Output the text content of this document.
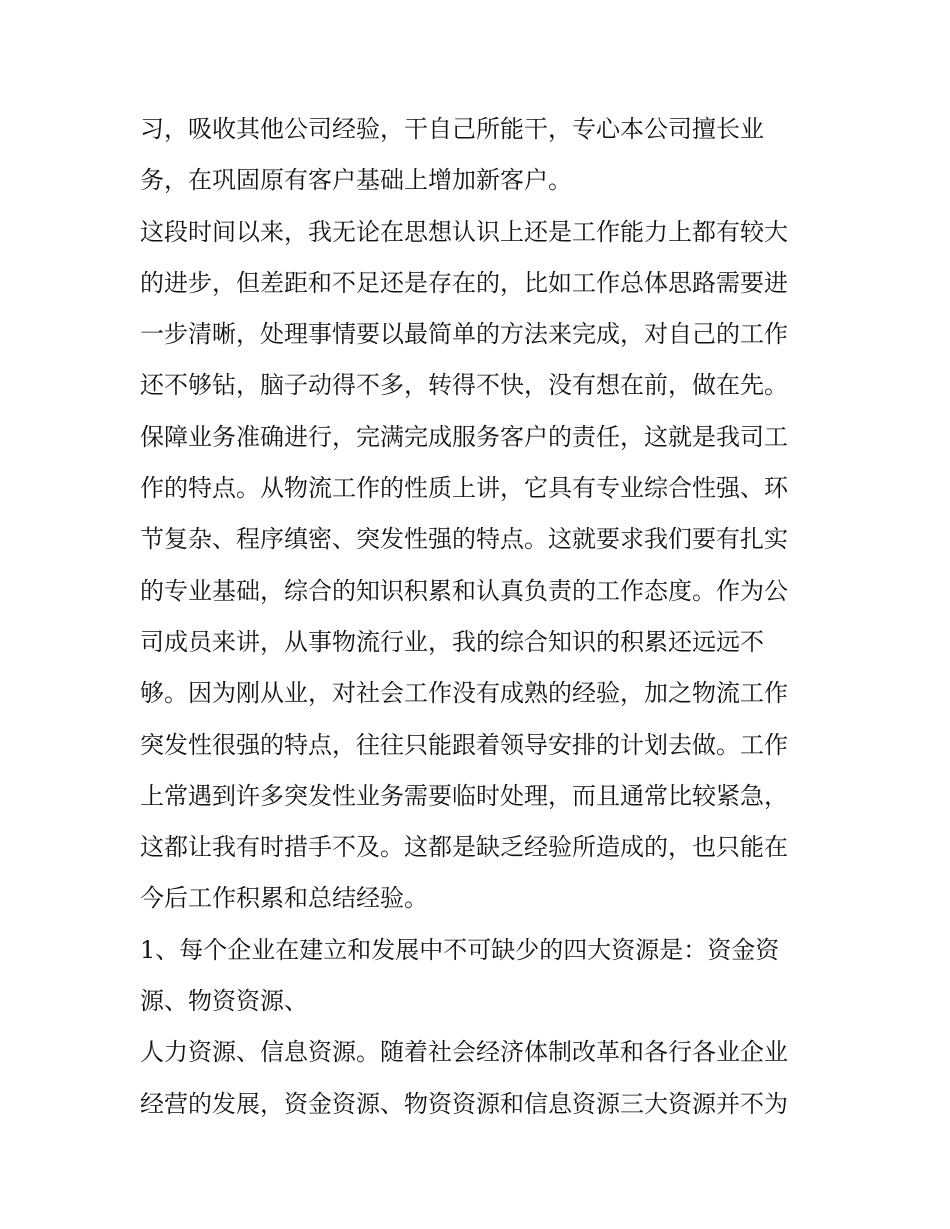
习，吸收其他公司经验，干自己所能干，专心本公司擅长业
务，在巩固原有客户基础上增加新客户。
这段时间以来，我无论在思想认识上还是工作能力上都有较大
的进步，但差距和不足还是存在的，比如工作总体思路需要进
一步清晰，处理事情要以最简单的方法来完成，对自己的工作
还不够钻，脑子动得不多，转得不快，没有想在前，做在先。
保障业务准确进行，完满完成服务客户的责任，这就是我司工
作的特点。从物流工作的性质上讲，它具有专业综合性强、环
节复杂、程序缜密、突发性强的特点。这就要求我们要有扎实
的专业基础，综合的知识积累和认真负责的工作态度。作为公
司成员来讲，从事物流行业，我的综合知识的积累还远远不
够。因为刚从业，对社会工作没有成熟的经验，加之物流工作
突发性很强的特点，往往只能跟着领导安排的计划去做。工作
上常遇到许多突发性业务需要临时处理，而且通常比较紧急，
这都让我有时措手不及。这都是缺乏经验所造成的，也只能在
今后工作积累和总结经验。
1、每个企业在建立和发展中不可缺少的四大资源是：资金资
源、物资资源、
人力资源、信息资源。随着社会经济体制改革和各行各业企业
经营的发展，资金资源、物资资源和信息资源三大资源并不为
